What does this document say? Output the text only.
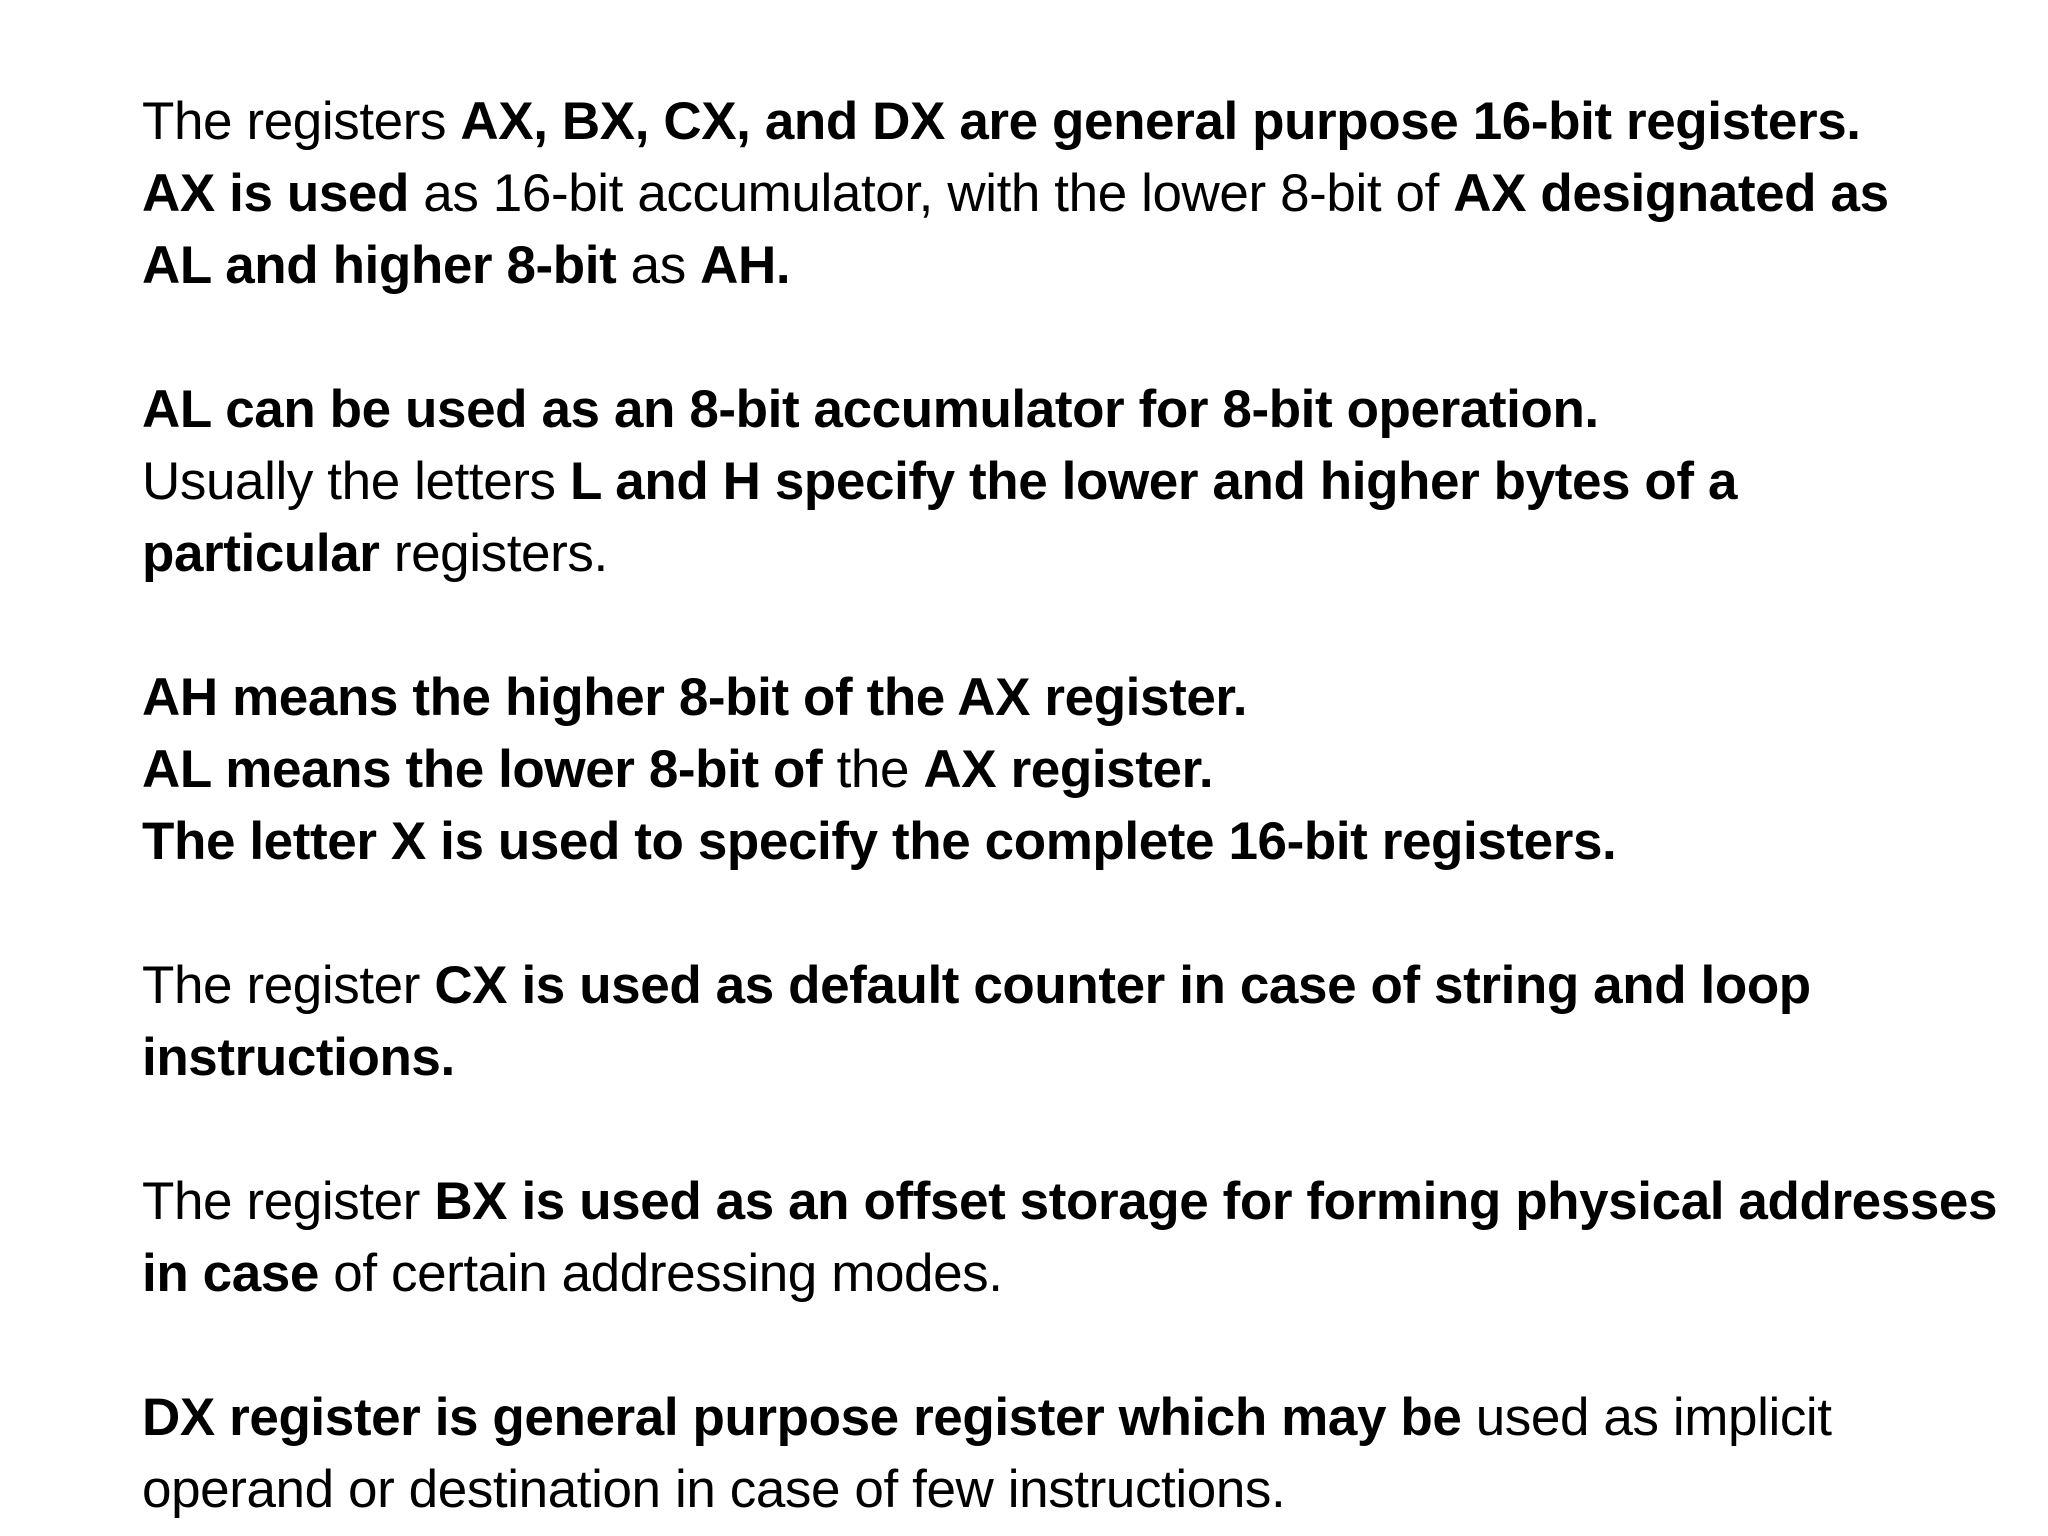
The registers AX, BX, CX, and DX are general purpose 16-bit registers.
AX is used as 16-bit accumulator, with the lower 8-bit of AX designated as
AL and higher 8-bit as AH.
AL can be used as an 8-bit accumulator for 8-bit operation.
Usually the letters L and H specify the lower and higher bytes of a
particular registers.
AH means the higher 8-bit of the AX register.
AL means the lower 8-bit of the AX register.
The letter X is used to specify the complete 16-bit registers.
The register CX is used as default counter in case of string and loop
instructions.
The register BX is used as an offset storage for forming physical addresses
in case of certain addressing modes.
DX register is general purpose register which may be used as implicit
operand or destination in case of few instructions.
